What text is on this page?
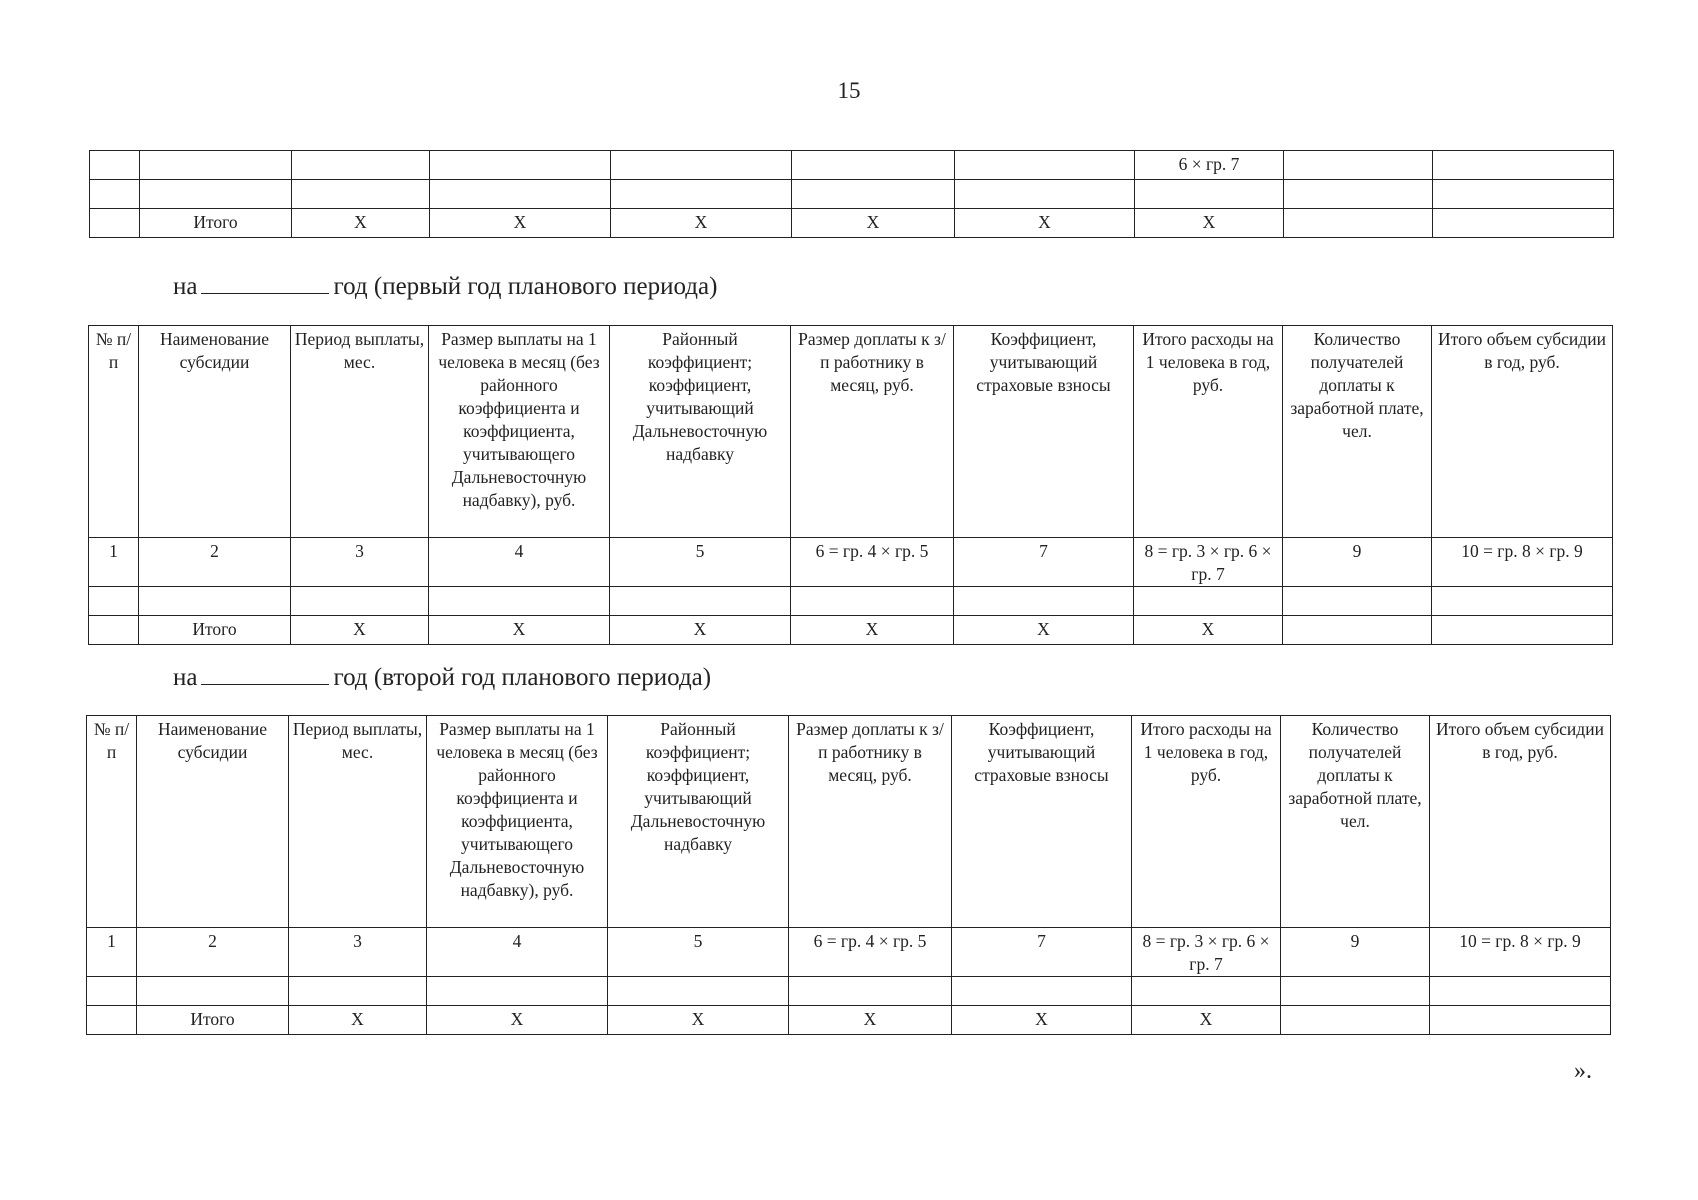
15
							6 × гр. 7		

	Итого	X	X	X	X	X	X		
на	год (первый год планового периода)
№ п/п	Наименование субсидии	Период выплаты, мес.	Размер выплаты на 1 человека в месяц (без районного коэффициента и коэффициента, учитывающего Дальневосточную надбавку), руб.	Районный коэффициент; коэффициент, учитывающий Дальневосточную надбавку	Размер доплаты к з/п работнику в месяц, руб.	Коэффициент, учитывающий страховые взносы	Итого расходы на 1 человека в год, руб.	Количество получателей доплаты к заработной плате, чел.	Итого объем субсидии в год, руб.
1	2	3	4	5	6 = гр. 4 × гр. 5	7	8 = гр. 3 × гр. 6 × гр. 7	9	10 = гр. 8 × гр. 9

	Итого	X	X	X	X	X	X		
на	год (второй год планового периода)
№ п/п	Наименование субсидии	Период выплаты, мес.	Размер выплаты на 1 человека в месяц (без районного коэффициента и коэффициента, учитывающего Дальневосточную надбавку), руб.	Районный коэффициент; коэффициент, учитывающий Дальневосточную надбавку	Размер доплаты к з/п работнику в месяц, руб.	Коэффициент, учитывающий страховые взносы	Итого расходы на 1 человека в год, руб.	Количество получателей доплаты к заработной плате, чел.	Итого объем субсидии в год, руб.
1	2	3	4	5	6 = гр. 4 × гр. 5	7	8 = гр. 3 × гр. 6 × гр. 7	9	10 = гр. 8 × гр. 9

	Итого	X	X	X	X	X	X		
».
